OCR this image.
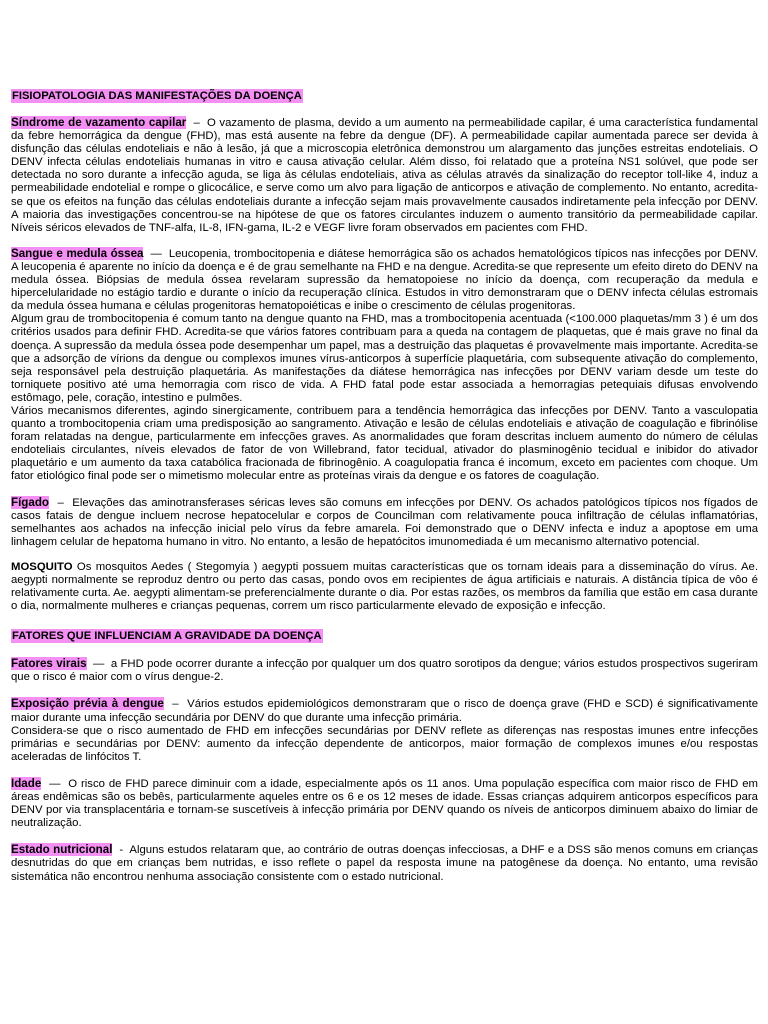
FISIOPATOLOGIA DAS MANIFESTAÇÕES DA DOENÇA

Síndrome de vazamento capilar  –  O vazamento de plasma, devido a um aumento na permeabilidade capilar, é uma característica fundamental da febre hemorrágica da dengue (FHD), mas está ausente na febre da dengue (DF). A permeabilidade capilar aumentada parece ser devida à disfunção das células endoteliais e não à lesão, já que a microscopia eletrônica demonstrou um alargamento das junções estreitas endoteliais. O DENV infecta células endoteliais humanas in vitro e causa ativação celular. Além disso, foi relatado que a proteína NS1 solúvel, que pode ser detectada no soro durante a infecção aguda, se liga às células endoteliais, ativa as células através da sinalização do receptor toll-like 4, induz a permeabilidade endotelial e rompe o glicocálice, e serve como um alvo para ligação de anticorpos e ativação de complemento. No entanto, acredita-se que os efeitos na função das células endoteliais durante a infecção sejam mais provavelmente causados indiretamente pela infecção por DENV. A maioria das investigações concentrou-se na hipótese de que os fatores circulantes induzem o aumento transitório da permeabilidade capilar. Níveis séricos elevados de TNF-alfa, IL-8, IFN-gama, IL-2 e VEGF livre foram observados em pacientes com FHD.

Sangue e medula óssea  —  Leucopenia, trombocitopenia e diátese hemorrágica são os achados hematológicos típicos nas infecções por DENV. A leucopenia é aparente no início da doença e é de grau semelhante na FHD e na dengue. Acredita-se que represente um efeito direto do DENV na medula óssea. Biópsias de medula óssea revelaram supressão da hematopoiese no início da doença, com recuperação da medula e hipercelularidade no estágio tardio e durante o início da recuperação clínica. Estudos in vitro demonstraram que o DENV infecta células estromais da medula óssea humana e células progenitoras hematopoiéticas e inibe o crescimento de células progenitoras.

Algum grau de trombocitopenia é comum tanto na dengue quanto na FHD, mas a trombocitopenia acentuada (<100.000 plaquetas/mm 3 ) é um dos critérios usados para definir FHD. Acredita-se que vários fatores contribuam para a queda na contagem de plaquetas, que é mais grave no final da doença. A supressão da medula óssea pode desempenhar um papel, mas a destruição das plaquetas é provavelmente mais importante. Acredita-se que a adsorção de vírions da dengue ou complexos imunes vírus-anticorpos à superfície plaquetária, com subsequente ativação do complemento, seja responsável pela destruição plaquetária. As manifestações da diátese hemorrágica nas infecções por DENV variam desde um teste do torniquete positivo até uma hemorragia com risco de vida. A FHD fatal pode estar associada a hemorragias petequiais difusas envolvendo estômago, pele, coração, intestino e pulmões.

Vários mecanismos diferentes, agindo sinergicamente, contribuem para a tendência hemorrágica das infecções por DENV. Tanto a vasculopatia quanto a trombocitopenia criam uma predisposição ao sangramento. Ativação e lesão de células endoteliais e ativação de coagulação e fibrinólise foram relatadas na dengue, particularmente em infecções graves. As anormalidades que foram descritas incluem aumento do número de células endoteliais circulantes, níveis elevados de fator de von Willebrand, fator tecidual, ativador do plasminogênio tecidual e inibidor do ativador plaquetário e um aumento da taxa catabólica fracionada de fibrinogênio. A coagulopatia franca é incomum, exceto em pacientes com choque. Um fator etiológico final pode ser o mimetismo molecular entre as proteínas virais da dengue e os fatores de coagulação.

Fígado  –  Elevações das aminotransferases séricas leves são comuns em infecções por DENV. Os achados patológicos típicos nos fígados de casos fatais de dengue incluem necrose hepatocelular e corpos de Councilman com relativamente pouca infiltração de células inflamatórias, semelhantes aos achados na infecção inicial pelo vírus da febre amarela. Foi demonstrado que o DENV infecta e induz a apoptose em uma linhagem celular de hepatoma humano in vitro. No entanto, a lesão de hepatócitos imunomediada é um mecanismo alternativo potencial.

MOSQUITO Os mosquitos Aedes ( Stegomyia ) aegypti possuem muitas características que os tornam ideais para a disseminação do vírus. Ae. aegypti normalmente se reproduz dentro ou perto das casas, pondo ovos em recipientes de água artificiais e naturais. A distância típica de vôo é relativamente curta. Ae. aegypti alimentam-se preferencialmente durante o dia. Por estas razões, os membros da família que estão em casa durante o dia, normalmente mulheres e crianças pequenas, correm um risco particularmente elevado de exposição e infecção.

FATORES QUE INFLUENCIAM A GRAVIDADE DA DOENÇA

Fatores virais  —  a FHD pode ocorrer durante a infecção por qualquer um dos quatro sorotipos da dengue; vários estudos prospectivos sugeriram que o risco é maior com o vírus dengue-2.

Exposição prévia à dengue  –  Vários estudos epidemiológicos demonstraram que o risco de doença grave (FHD e SCD) é significativamente maior durante uma infecção secundária por DENV do que durante uma infecção primária.

Considera-se que o risco aumentado de FHD em infecções secundárias por DENV reflete as diferenças nas respostas imunes entre infecções primárias e secundárias por DENV: aumento da infecção dependente de anticorpos, maior formação de complexos imunes e/ou respostas aceleradas de linfócitos T.

Idade  —  O risco de FHD parece diminuir com a idade, especialmente após os 11 anos. Uma população específica com maior risco de FHD em áreas endêmicas são os bebês, particularmente aqueles entre os 6 e os 12 meses de idade. Essas crianças adquirem anticorpos específicos para DENV por via transplacentária e tornam-se suscetíveis à infecção primária por DENV quando os níveis de anticorpos diminuem abaixo do limiar de neutralização.

Estado nutricional  -  Alguns estudos relataram que, ao contrário de outras doenças infecciosas, a DHF e a DSS são menos comuns em crianças desnutridas do que em crianças bem nutridas, e isso reflete o papel da resposta imune na patogênese da doença. No entanto, uma revisão sistemática não encontrou nenhuma associação consistente com o estado nutricional.
